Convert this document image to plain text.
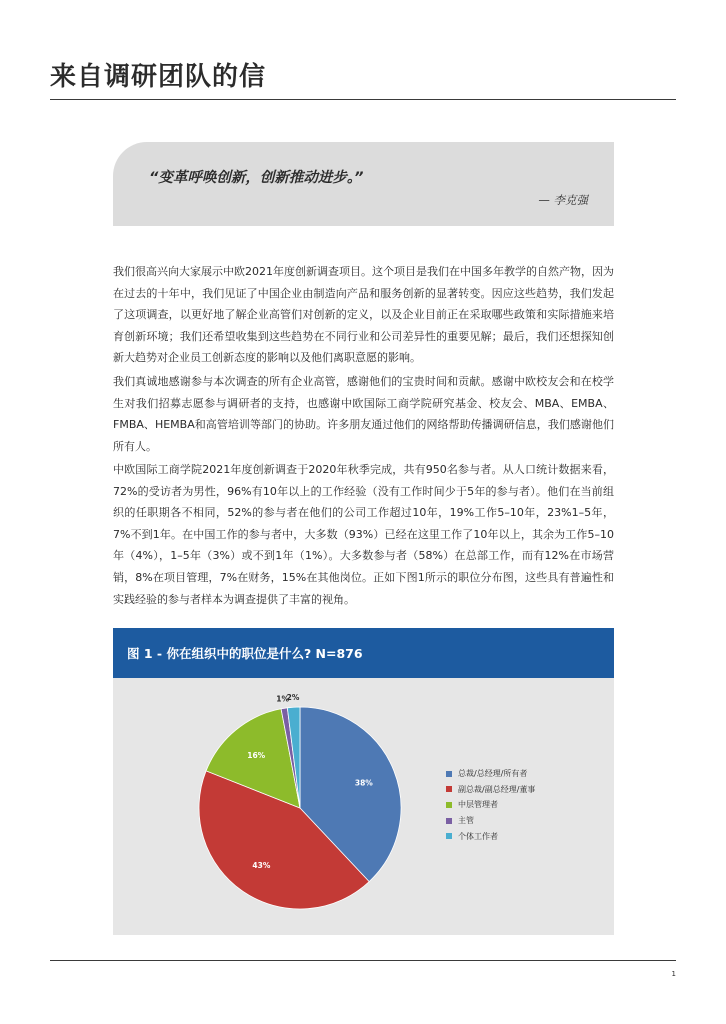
来自调研团队的信
“变革呼唤创新，创新推动进步。”
— 李克强

我们很高兴向大家展示中欧2021年度创新调查项目。这个项目是我们在中国多年教学的自然产物，因为在过去的十年中，我们见证了中国企业由制造向产品和服务创新的显著转变。因应这些趋势，我们发起了这项调查，以更好地了解企业高管们对创新的定义，以及企业目前正在采取哪些政策和实际措施来培育创新环境；我们还希望收集到这些趋势在不同行业和公司差异性的重要见解；最后，我们还想探知创新大趋势对企业员工创新态度的影响以及他们离职意愿的影响。

我们真诚地感谢参与本次调查的所有企业高管，感谢他们的宝贵时间和贡献。感谢中欧校友会和在校学生对我们招募志愿参与调研者的支持，也感谢中欧国际工商学院研究基金、校友会、MBA、EMBA、FMBA、HEMBA和高管培训等部门的协助。许多朋友通过他们的网络帮助传播调研信息，我们感谢他们所有人。

中欧国际工商学院2021年度创新调查于2020年秋季完成，共有950名参与者。从人口统计数据来看，72%的受访者为男性，96%有10年以上的工作经验（没有工作时间少于5年的参与者）。他们在当前组织的任职期各不相同，52%的参与者在他们的公司工作超过10年，19%工作5–10年，23%1–5年， 7%不到1年。在中国工作的参与者中，大多数（93%）已经在这里工作了10年以上，其余为工作5–10年（4%），1–5年（3%）或不到1年（1%）。大多数参与者（58%）在总部工作，而有12%在市场营销，8%在项目管理，7%在财务，15%在其他岗位。正如下图1所示的职位分布图，这些具有普遍性和实践经验的参与者样本为调查提供了丰富的视角。

图 1 - 你在组织中的职位是什么? N=876
38%
43%
16%
1%
2%
总裁/总经理/所有者
副总裁/副总经理/董事
中层管理者
主管
个体工作者
1
